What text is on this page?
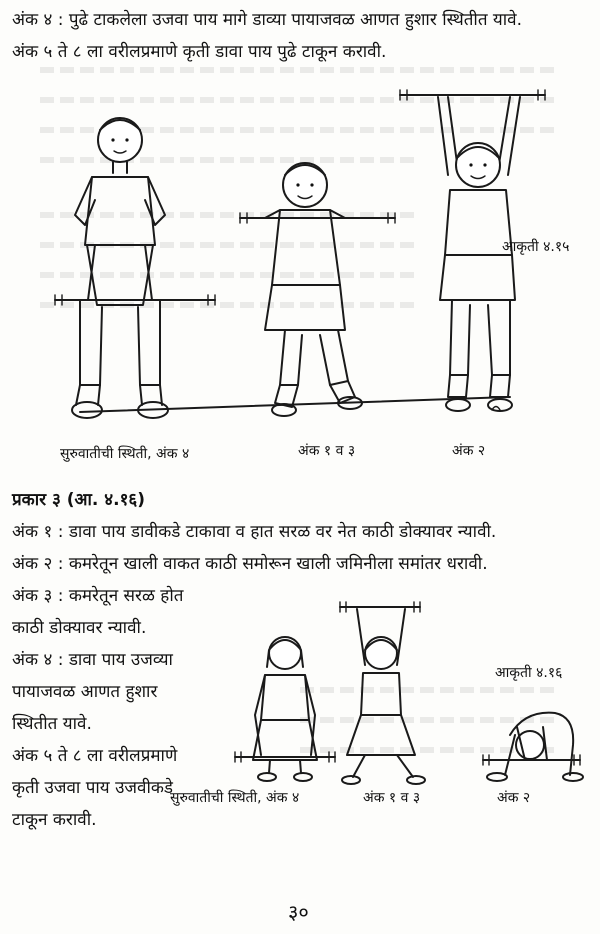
अंक ४ : पुढे टाकलेला उजवा पाय मागे डाव्या पायाजवळ आणत हुशार स्थितीत यावे.
अंक ५ ते ८ ला वरीलप्रमाणे कृती डावा पाय पुढे टाकून करावी.
आकृती ४.१५
सुरुवातीची स्थिती, अंक ४	अंक १ व ३	अंक २
प्रकार ३ (आ. ४.१६)
अंक १ : डावा पाय डावीकडे टाकावा व हात सरळ वर नेत काठी डोक्यावर न्यावी.
अंक २ : कमरेतून खाली वाकत काठी समोरून खाली जमिनीला समांतर धरावी.
अंक ३ : कमरेतून सरळ होत
काठी डोक्यावर न्यावी.
अंक ४ : डावा पाय उजव्या
पायाजवळ आणत हुशार
स्थितीत यावे.
अंक ५ ते ८ ला वरीलप्रमाणे
कृती उजवा पाय उजवीकडे
टाकून करावी.
आकृती ४.१६
सुरुवातीची स्थिती, अंक ४	अंक १ व ३	अंक २
३०
